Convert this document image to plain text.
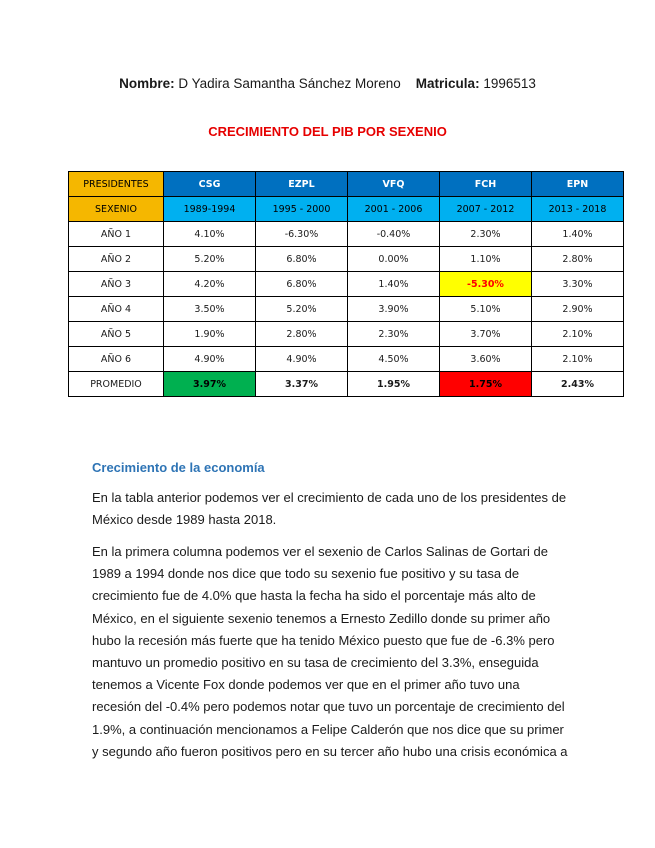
Nombre: D Yadira Samantha Sánchez Moreno Matricula: 1996513
CRECIMIENTO DEL PIB POR SEXENIO
PRESIDENTES	CSG	EZPL	VFQ	FCH	EPN
SEXENIO	1989-1994	1995 - 2000	2001 - 2006	2007 - 2012	2013 - 2018
AÑO 1	4.10%	-6.30%	-0.40%	2.30%	1.40%
AÑO 2	5.20%	6.80%	0.00%	1.10%	2.80%
AÑO 3	4.20%	6.80%	1.40%	-5.30%	3.30%
AÑO 4	3.50%	5.20%	3.90%	5.10%	2.90%
AÑO 5	1.90%	2.80%	2.30%	3.70%	2.10%
AÑO 6	4.90%	4.90%	4.50%	3.60%	2.10%
PROMEDIO	3.97%	3.37%	1.95%	1.75%	2.43%
Crecimiento de la economía

En la tabla anterior podemos ver el crecimiento de cada uno de los presidentes de México desde 1989 hasta 2018.

En la primera columna podemos ver el sexenio de Carlos Salinas de Gortari de 1989 a 1994 donde nos dice que todo su sexenio fue positivo y su tasa de crecimiento fue de 4.0% que hasta la fecha ha sido el porcentaje más alto de México, en el siguiente sexenio tenemos a Ernesto Zedillo donde su primer año hubo la recesión más fuerte que ha tenido México puesto que fue de -6.3% pero mantuvo un promedio positivo en su tasa de crecimiento del 3.3%, enseguida tenemos a Vicente Fox donde podemos ver que en el primer año tuvo una recesión del -0.4% pero podemos notar que tuvo un porcentaje de crecimiento del 1.9%, a continuación mencionamos a Felipe Calderón que nos dice que su primer y segundo año fueron positivos pero en su tercer año hubo una crisis económica a
